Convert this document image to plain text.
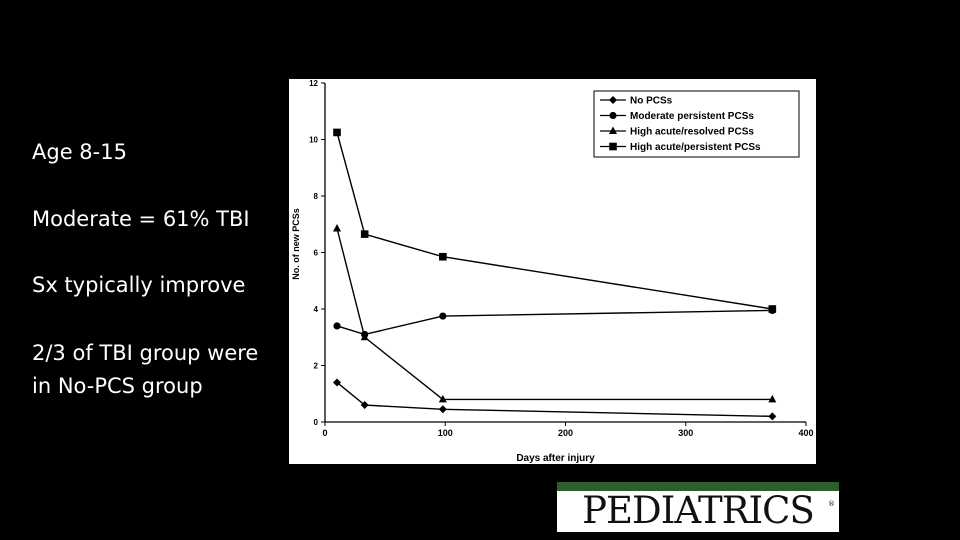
Age 8-15
Moderate = 61% TBI
Sx typically improve
2/3 of TBI group were
in No-PCS group
0
2
4
6
8
10
12
0	100	200	300	400
Days after injury
No. of new PCSs
No PCSs
Moderate persistent PCSs
High acute/resolved PCSs
High acute/persistent PCSs
PEDIATRICS	®
